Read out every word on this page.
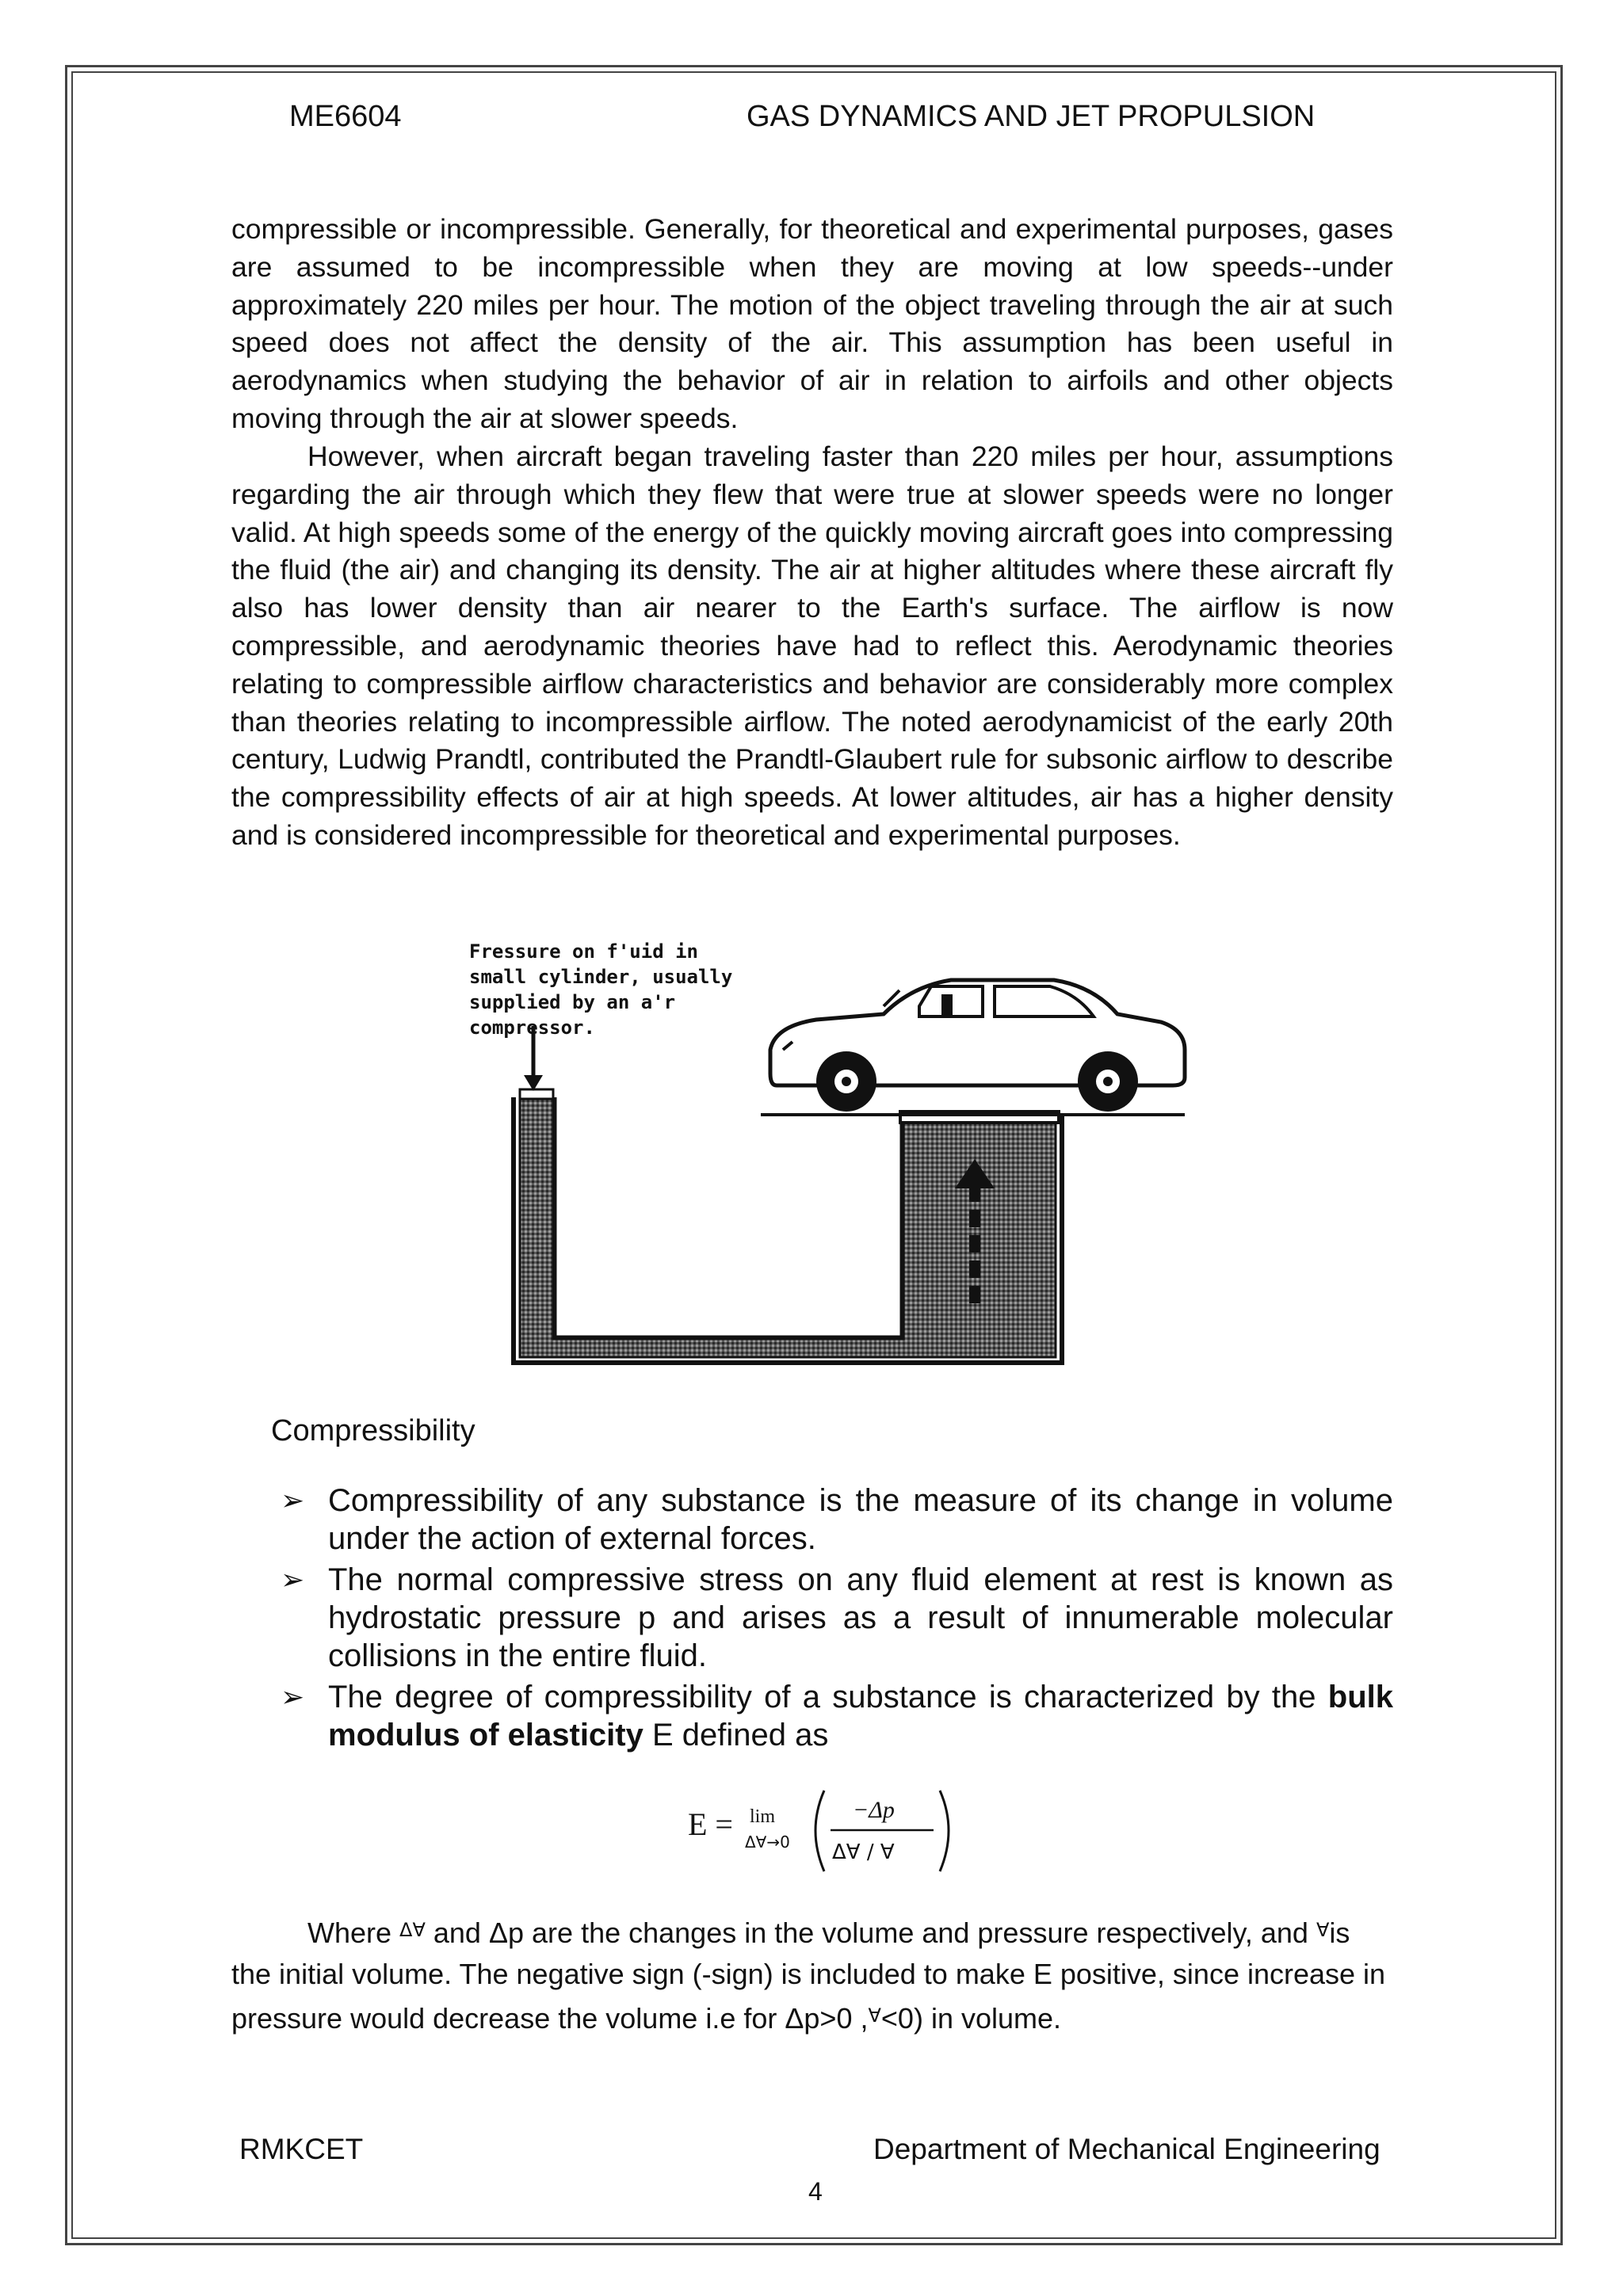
ME6604	GAS DYNAMICS AND JET PROPULSION

compressible or incompressible. Generally, for theoretical and experimental purposes, gases are assumed to be incompressible when they are moving at low speeds--under approximately 220 miles per hour. The motion of the object traveling through the air at such speed does not affect the density of the air. This assumption has been useful in aerodynamics when studying the behavior of air in relation to airfoils and other objects moving through the air at slower speeds.

However, when aircraft began traveling faster than 220 miles per hour, assumptions regarding the air through which they flew that were true at slower speeds were no longer valid. At high speeds some of the energy of the quickly moving aircraft goes into compressing the fluid (the air) and changing its density. The air at higher altitudes where these aircraft fly also has lower density than air nearer to the Earth's surface. The airflow is now compressible, and aerodynamic theories have had to reflect this. Aerodynamic theories relating to compressible airflow characteristics and behavior are considerably more complex than theories relating to incompressible airflow. The noted aerodynamicist of the early 20th century, Ludwig Prandtl, contributed the Prandtl-Glaubert rule for subsonic airflow to describe the compressibility effects of air at high speeds. At lower altitudes, air has a higher density and is considered incompressible for theoretical and experimental purposes.

Fressure on f'uid in
small cylinder, usually
supplied by an a'r
compressor.
Compressibility
➢ Compressibility of any substance is the measure of its change in volume under the action of external forces.
➢ The normal compressive stress on any fluid element at rest is known as hydrostatic pressure p and arises as a result of innumerable molecular collisions in the entire fluid.
➢ The degree of compressibility of a substance is characterized by the bulk modulus of elasticity E defined as
E = lim
Δ∀→0
−Δp
Δ∀ / ∀

Where $^{\Delta\forall}$ and Δp are the changes in the volume and pressure respectively, and ∀is the initial volume. The negative sign (-sign) is included to make E positive, since increase in pressure would decrease the volume i.e for Δp>0 ,∀<0) in volume.

RMKCET	Department of Mechanical Engineering
4
